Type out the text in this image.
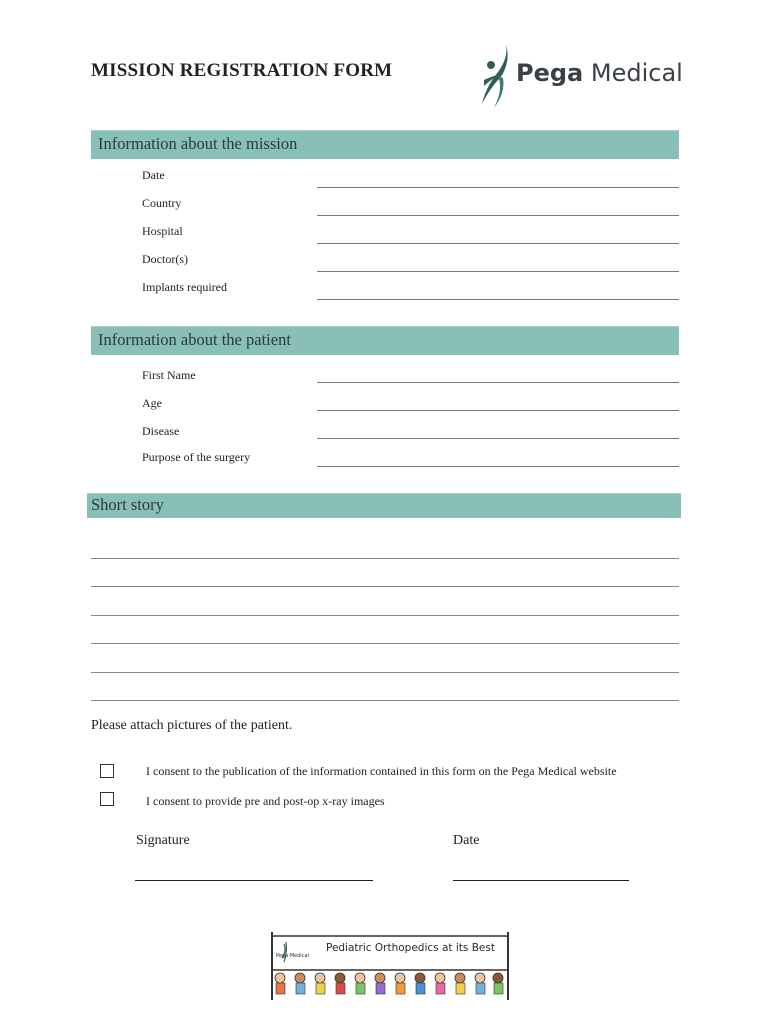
MISSION REGISTRATION FORM	Pega Medical
Information about the mission
Date
Country
Hospital
Doctor(s)
Implants required
Information about the patient
First Name
Age
Disease
Purpose of the surgery
Short story
Please attach pictures of the patient.
I consent to the publication of the information contained in this form on the Pega Medical website
I consent to provide pre and post-op x-ray images
Signature	Date
Pediatric Orthopedics at its Best
Pega Medical
